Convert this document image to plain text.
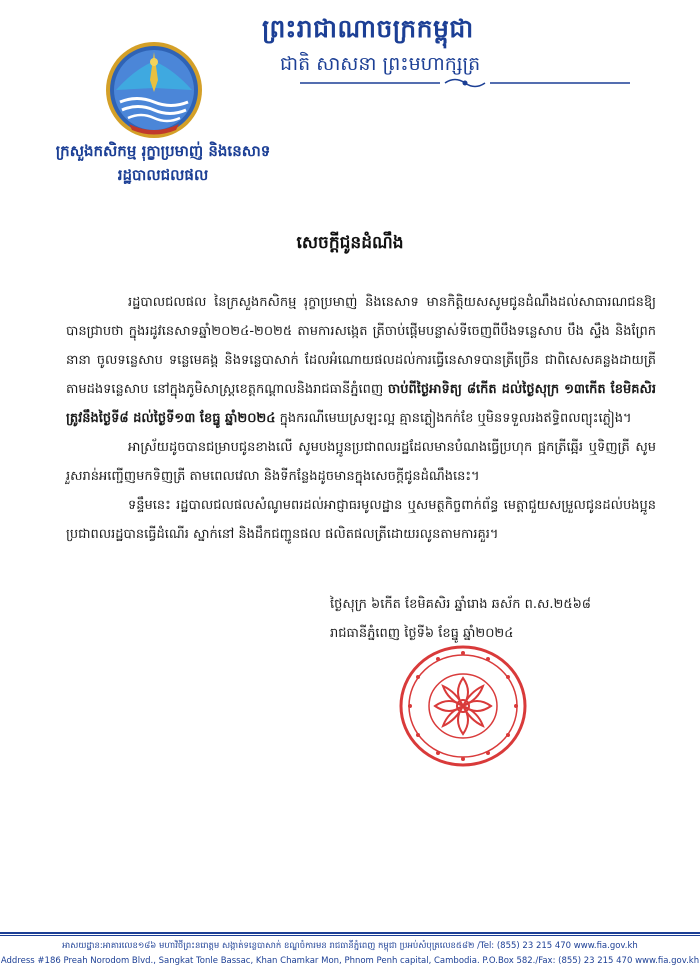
ព្រះរាជាណាចក្រកម្ពុជា
ជាតិ សាសនា ព្រះមហាក្សត្រ
ក្រសួងកសិកម្ម រុក្ខាប្រមាញ់ និងនេសាទ
រដ្ឋបាលជលផល
សេចក្តីជូនដំណឹង

រដ្ឋបាលជលផល នៃក្រសួងកសិកម្ម រុក្ខាប្រមាញ់ និងនេសាទ មានកិត្តិយសសូមជូនដំណឹងដល់សាធារណជនឱ្យបានជ្រាបថា ក្នុងរដូវនេសាទឆ្នាំ២០២៤-២០២៥ តាមការសង្កេត ត្រីចាប់ផ្តើមបន្លាស់ទីចេញពីបឹងទន្លេសាប បឹង ស្ទឹង និងព្រែកនានា ចូលទន្លេសាប ទន្លេមេគង្គ និងទន្លេបាសាក់ ដែលអំណោយផលដល់ការធ្វើនេសាទបានត្រីច្រើន ជាពិសេសគន្លងដាយត្រីតាមដងទន្លេសាប នៅក្នុងភូមិសាស្ត្រខេត្តកណ្តាលនិងរាជធានីភ្នំពេញ ចាប់ពីថ្ងៃអាទិត្យ ៨កើត ដល់ថ្ងៃសុក្រ ១៣កើត ខែមិគសិរ ត្រូវនឹងថ្ងៃទី៨ ដល់ថ្ងៃទី១៣ ខែធ្នូ ឆ្នាំ២០២៤ ក្នុងករណីមេឃស្រឡះល្អ គ្មានភ្លៀងកក់ខែ ឬមិនទទួលរងឥទ្ធិពលព្យុះភ្លៀង។

អាស្រ័យដូចបានជម្រាបជូនខាងលើ សូមបងប្អូនប្រជាពលរដ្ឋដែលមានបំណងធ្វើប្រហុក ផ្អកត្រីឆ្អើរ ឬទិញត្រី សូមរួសរាន់អញ្ជើញមកទិញត្រី តាមពេលវេលា និងទីកន្លែងដូចមានក្នុងសេចក្តីជូនដំណឹងនេះ។

ទន្ទឹមនេះ រដ្ឋបាលជលផលសំណូមពរដល់អាជ្ញាធរមូលដ្ឋាន ឬសមត្ថកិច្ចពាក់ព័ន្ធ មេត្តាជួយសម្រួលជូនដល់បងប្អូនប្រជាពលរដ្ឋបានធ្វើដំណើរ ស្នាក់នៅ និងដឹកជញ្ជូនផល ផលិតផលត្រីដោយរលូនតាមការគួរ។

ថ្ងៃសុក្រ ៦កើត ខែមិគសិរ ឆ្នាំរោង ឆស័ក ព.ស.២៥៦៨
រាជធានីភ្នំពេញ ថ្ងៃទី៦ ខែធ្នូ ឆ្នាំ២០២៤
អាសយដ្ឋាន:អាគារលេខ១៨៦ មហាវិថីព្រះនរោត្តម សង្កាត់ទន្លេបាសាក់ ខណ្ឌចំការមន រាជធានីភ្នំពេញ កម្ពុជា ប្រអប់សំបុត្រលេខ៥៨២ /Tel: (855) 23 215 470 www.fia.gov.kh
Address #186 Preah Norodom Blvd., Sangkat Tonle Bassac, Khan Chamkar Mon, Phnom Penh capital, Cambodia. P.O.Box 582./Fax: (855) 23 215 470 www.fia.gov.kh
